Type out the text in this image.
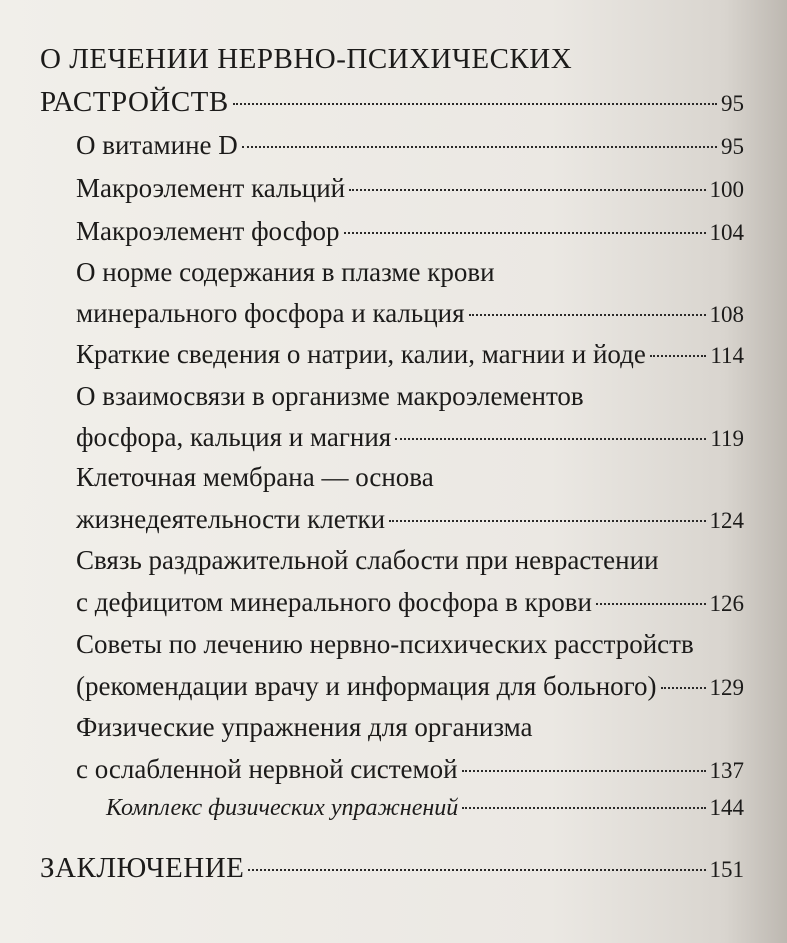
О ЛЕЧЕНИИ НЕРВНО-ПСИХИЧЕСКИХ
РАСТРОЙСТВ	95
О витамине D	95
Макроэлемент кальций	100
Макроэлемент фосфор	104
О норме содержания в плазме крови
минерального фосфора и кальция	108
Краткие сведения о натрии, калии, магнии и йоде	114
О взаимосвязи в организме макроэлементов
фосфора, кальция и магния	119
Клеточная мембрана — основа
жизнедеятельности клетки	124
Связь раздражительной слабости при неврастении
с дефицитом минерального фосфора в крови	126
Советы по лечению нервно-психических расстройств
(рекомендации врачу и информация для больного) 129
Физические упражнения для организма
с ослабленной нервной системой	137
Комплекс физических упражнений	144
ЗАКЛЮЧЕНИЕ	151
